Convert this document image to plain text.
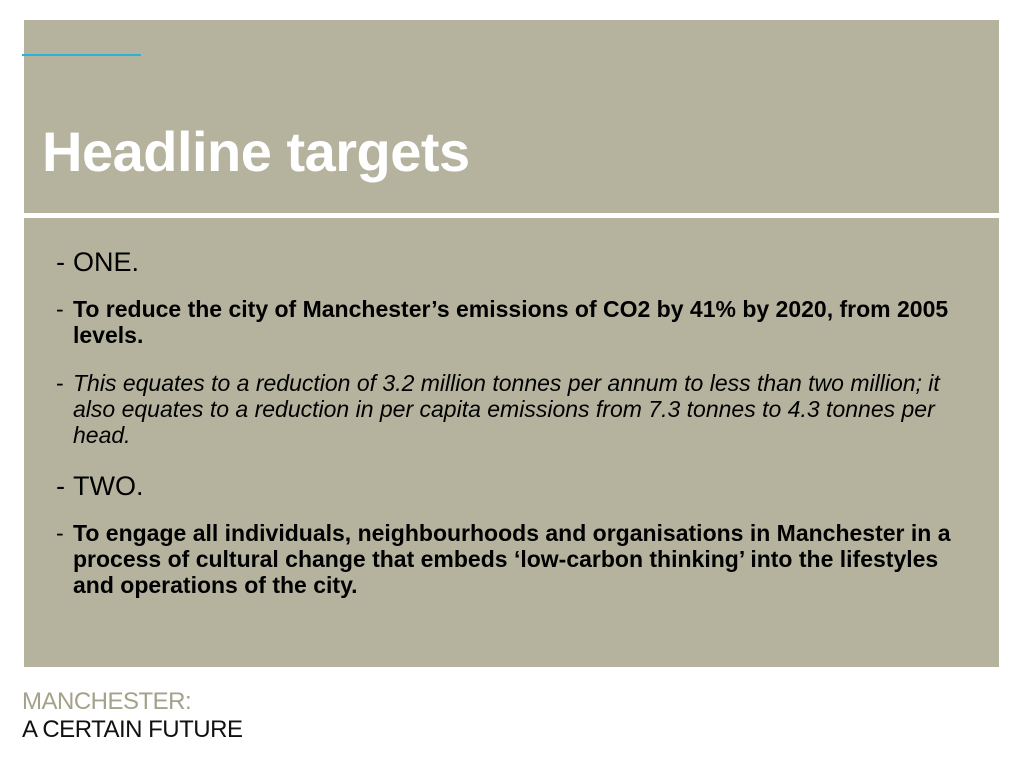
Headline targets
- ONE.
- To reduce the city of Manchester’s emissions of CO2 by 41% by 2020, from 2005 levels.
- This equates to a reduction of 3.2 million tonnes per annum to less than two million; it also equates to a reduction in per capita emissions from 7.3 tonnes to 4.3 tonnes per head.
- TWO.
- To engage all individuals, neighbourhoods and organisations in Manchester in a process of cultural change that embeds ‘low-carbon thinking’ into the lifestyles and operations of the city.
MANCHESTER:
A CERTAIN FUTURE
